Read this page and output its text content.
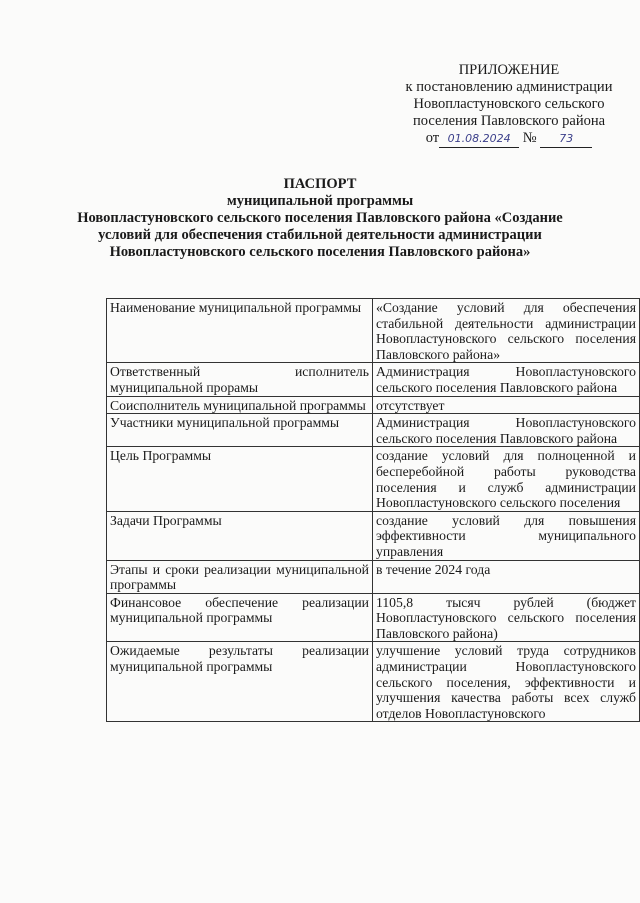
ПРИЛОЖЕНИЕ
к постановлению администрации
Новопластуновского сельского
поселения Павловского района
от 01.08.2024 № 73
ПАСПОРТ
муниципальной программы
Новопластуновского сельского поселения Павловского района «Создание
условий для обеспечения стабильной деятельности администрации
Новопластуновского сельского поселения Павловского района»
Наименование муниципальной программы	«Создание условий для обеспечения стабильной деятельности администрации Новопластуновского сельского поселения Павловского района»
Ответственный исполнитель муниципальной прорамы	Администрация Новопластуновского сельского поселения Павловского района
Соисполнитель муниципальной программы	отсутствует
Участники муниципальной программы	Администрация Новопластуновского сельского поселения Павловского района
Цель Программы	создание условий для полноценной и бесперебойной работы руководства поселения и служб администрации Новопластуновского сельского поселения
Задачи Программы	создание условий для повышения эффективности муниципального управления
Этапы и сроки реализации муниципальной программы	в течение 2024 года
Финансовое обеспечение реализации муниципальной программы	1105,8 тысяч рублей (бюджет Новопластуновского сельского поселения Павловского района)
Ожидаемые результаты реализации муниципальной программы	улучшение условий труда сотрудников администрации Новопластуновского сельского поселения, эффективности и улучшения качества работы всех служб отделов Новопластуновского
